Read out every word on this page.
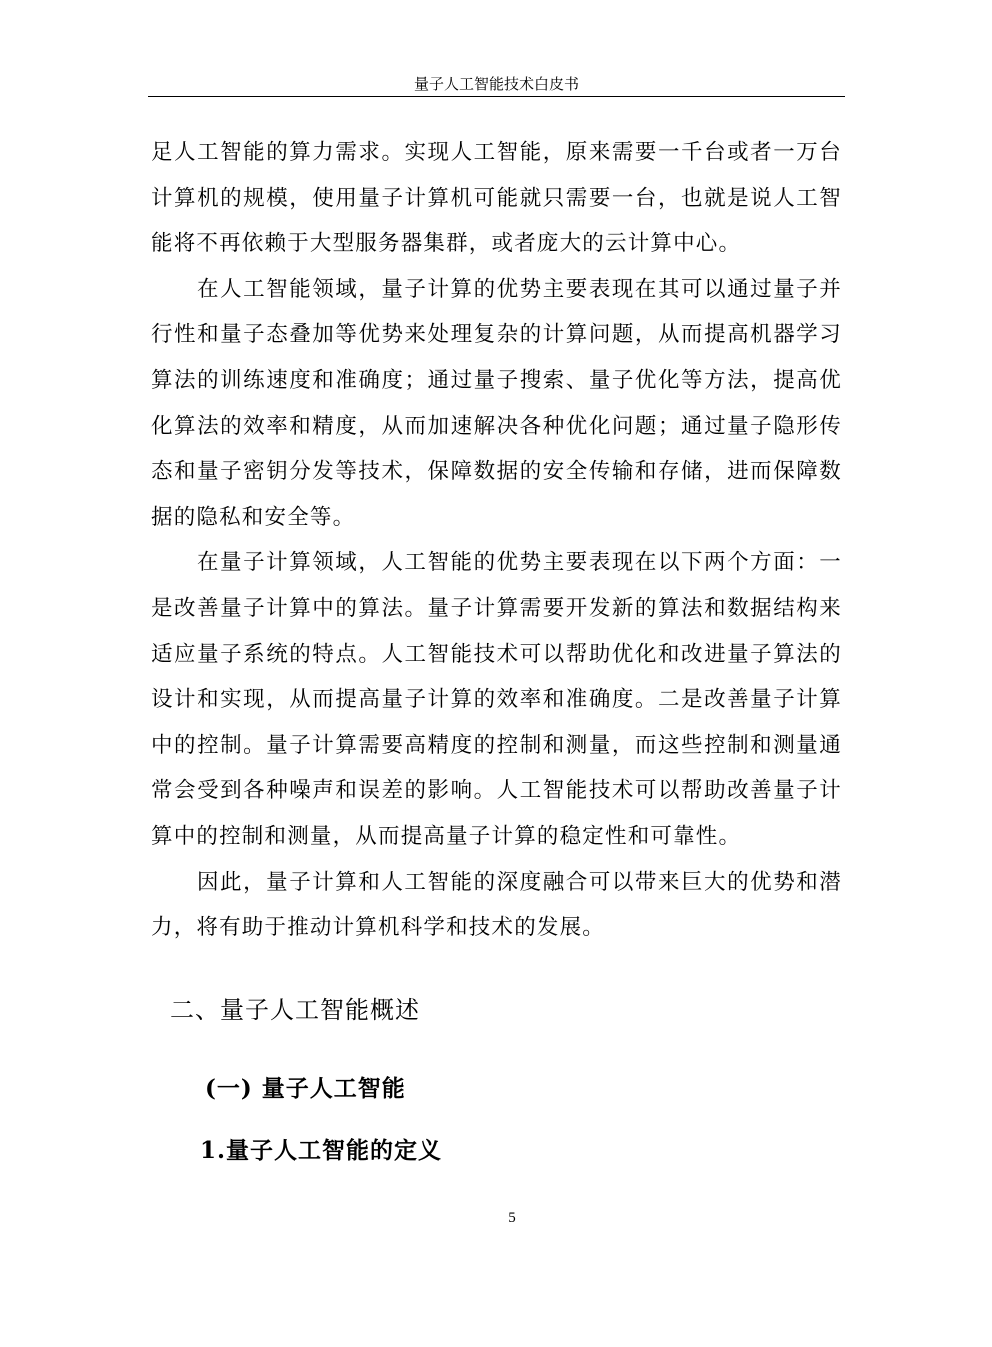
量子人工智能技术白皮书

足人工智能的算力需求。实现人工智能，原来需要一千台或者一万台计算机的规模，使用量子计算机可能就只需要一台，也就是说人工智能将不再依赖于大型服务器集群，或者庞大的云计算中心。

在人工智能领域，量子计算的优势主要表现在其可以通过量子并行性和量子态叠加等优势来处理复杂的计算问题，从而提高机器学习算法的训练速度和准确度；通过量子搜索、量子优化等方法，提高优化算法的效率和精度，从而加速解决各种优化问题；通过量子隐形传态和量子密钥分发等技术，保障数据的安全传输和存储，进而保障数据的隐私和安全等。

在量子计算领域，人工智能的优势主要表现在以下两个方面：一是改善量子计算中的算法。量子计算需要开发新的算法和数据结构来适应量子系统的特点。人工智能技术可以帮助优化和改进量子算法的设计和实现，从而提高量子计算的效率和准确度。二是改善量子计算中的控制。量子计算需要高精度的控制和测量，而这些控制和测量通常会受到各种噪声和误差的影响。人工智能技术可以帮助改善量子计算中的控制和测量，从而提高量子计算的稳定性和可靠性。

因此，量子计算和人工智能的深度融合可以带来巨大的优势和潜力，将有助于推动计算机科学和技术的发展。

二、量子人工智能概述
(一) 量子人工智能
1.量子人工智能的定义
5
